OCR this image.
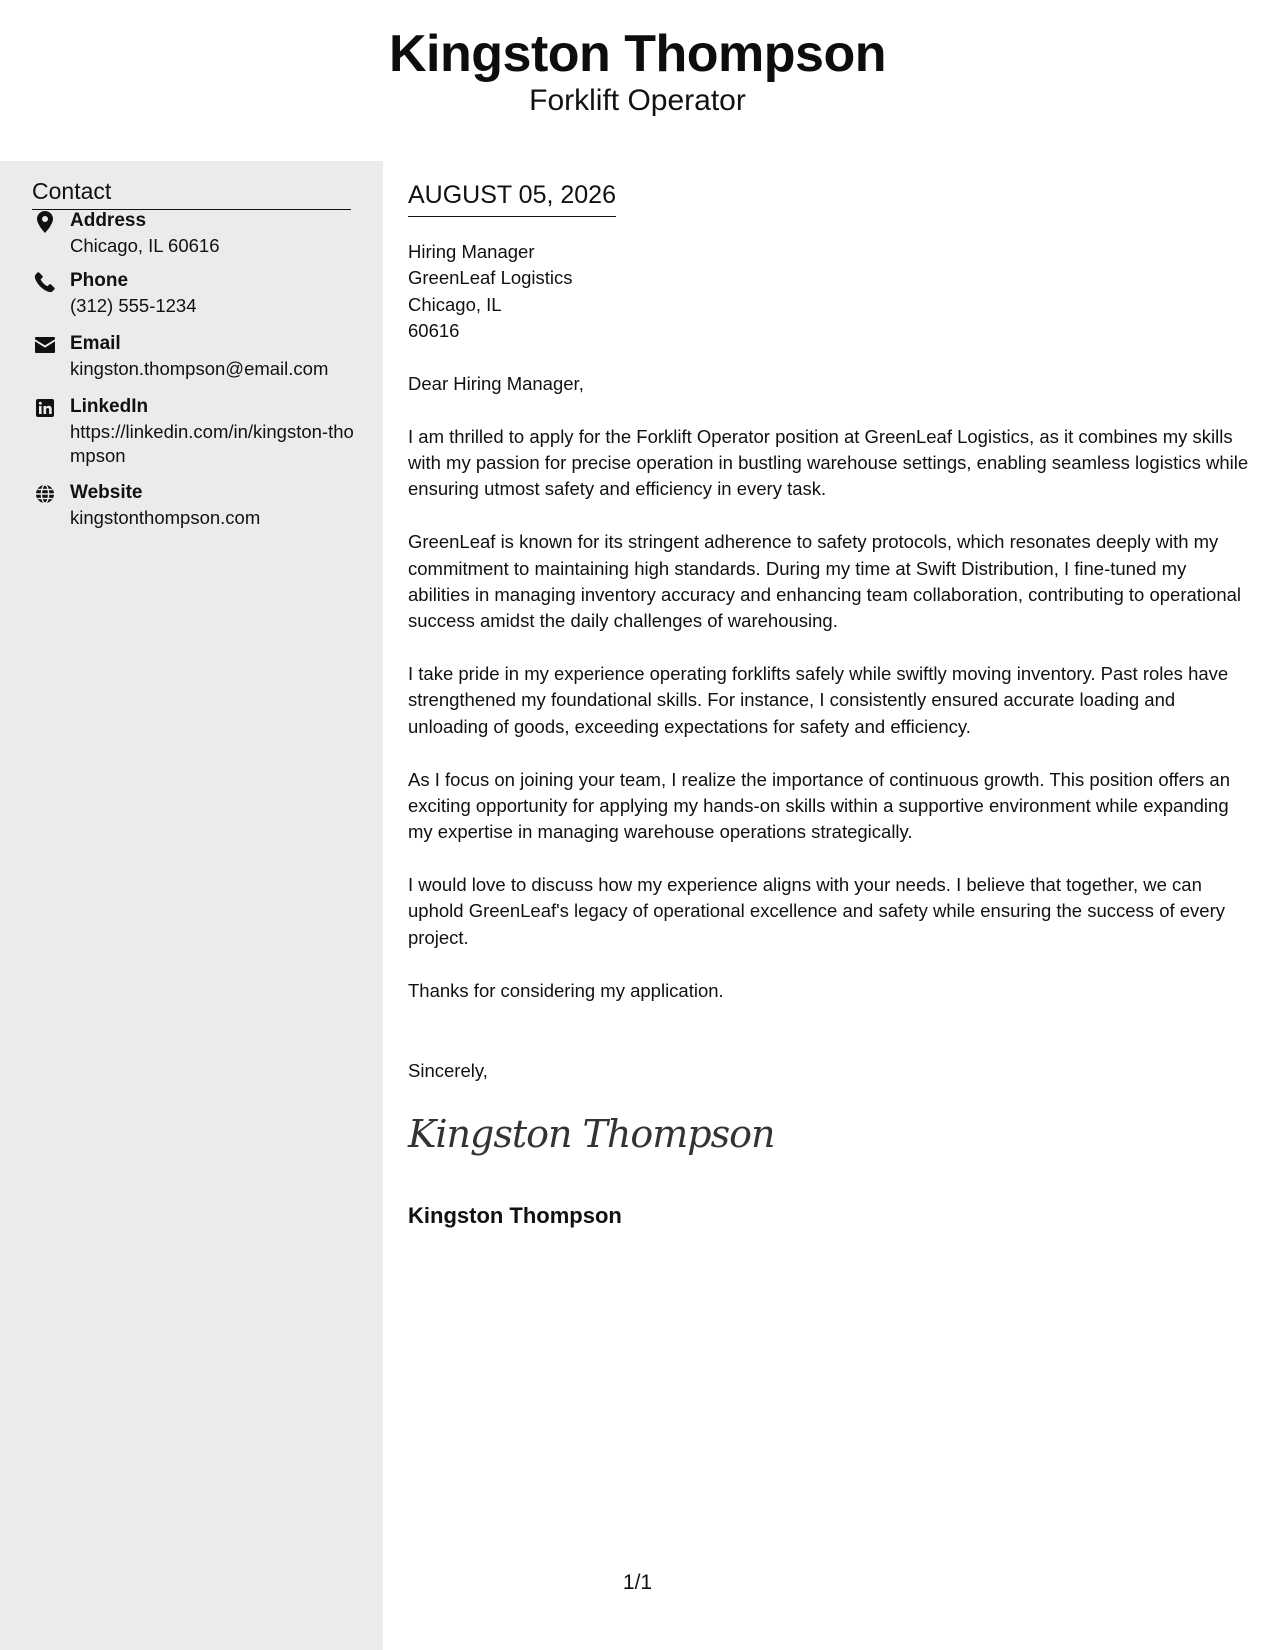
Kingston Thompson
Forklift Operator
Contact
Address
Chicago, IL 60616
Phone
(312) 555-1234
Email
kingston.thompson@email.com
LinkedIn
https://linkedin.com/in/kingston-thompson
Website
kingstonthompson.com
AUGUST 05, 2026
Hiring Manager
GreenLeaf Logistics
Chicago, IL
60616

Dear Hiring Manager,

I am thrilled to apply for the Forklift Operator position at GreenLeaf Logistics, as it combines my skills with my passion for precise operation in bustling warehouse settings, enabling seamless logistics while ensuring utmost safety and efficiency in every task.

GreenLeaf is known for its stringent adherence to safety protocols, which resonates deeply with my commitment to maintaining high standards. During my time at Swift Distribution, I fine-tuned my abilities in managing inventory accuracy and enhancing team collaboration, contributing to operational success amidst the daily challenges of warehousing.

I take pride in my experience operating forklifts safely while swiftly moving inventory. Past roles have strengthened my foundational skills. For instance, I consistently ensured accurate loading and unloading of goods, exceeding expectations for safety and efficiency.

As I focus on joining your team, I realize the importance of continuous growth. This position offers an exciting opportunity for applying my hands-on skills within a supportive environment while expanding my expertise in managing warehouse operations strategically.

I would love to discuss how my experience aligns with your needs. I believe that together, we can uphold GreenLeaf's legacy of operational excellence and safety while ensuring the success of every project.

Thanks for considering my application.

Sincerely,
Kingston Thompson
Kingston Thompson
1/1
